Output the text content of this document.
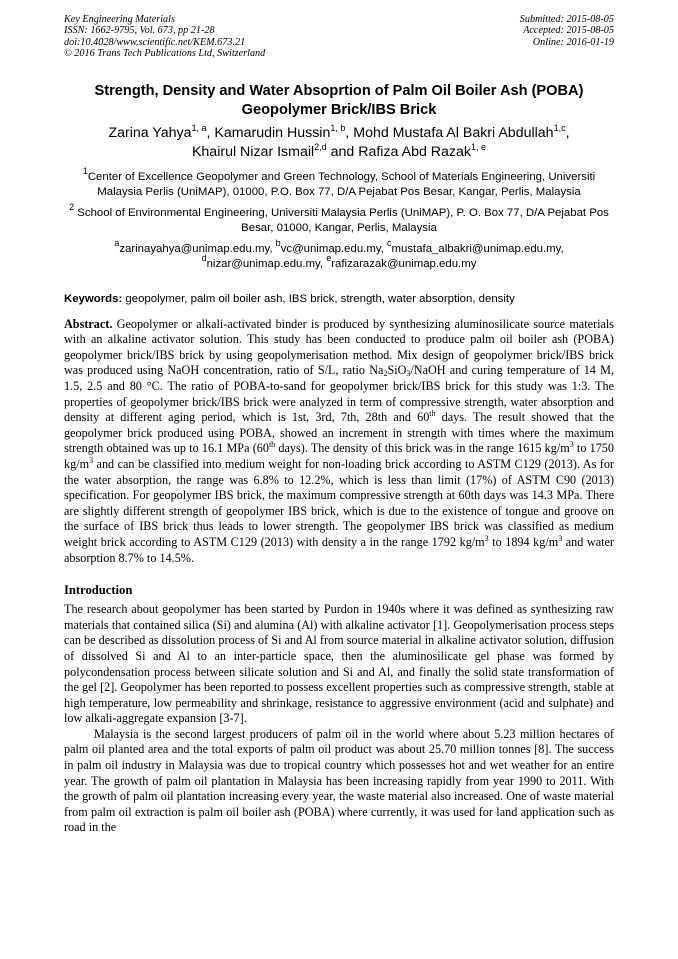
Key Engineering Materials
ISSN: 1662-9795, Vol. 673, pp 21-28
doi:10.4028/www.scientific.net/KEM.673.21
© 2016 Trans Tech Publications Ltd, Switzerland
Submitted: 2015-08-05
Accepted: 2015-08-05
Online: 2016-01-19
Strength, Density and Water Absoprtion of Palm Oil Boiler Ash (POBA) Geopolymer Brick/IBS Brick
Zarina Yahya$^{1, a}$, Kamarudin Hussin$^{1, b}$, Mohd Mustafa Al Bakri Abdullah$^{1,c}$,
Khairul Nizar Ismail$^{2,d}$ and Rafiza Abd Razak$^{1, e}$
$^1$Center of Excellence Geopolymer and Green Technology, School of Materials Engineering, Universiti Malaysia Perlis (UniMAP), 01000, P.O. Box 77, D/A Pejabat Pos Besar, Kangar, Perlis, Malaysia
$^2$ School of Environmental Engineering, Universiti Malaysia Perlis (UniMAP), P. O. Box 77, D/A Pejabat Pos Besar, 01000, Kangar, Perlis, Malaysia
$^a$zarinayahya@unimap.edu.my, $^b$vc@unimap.edu.my, $^c$mustafa_albakri@unimap.edu.my,
$^d$nizar@unimap.edu.my, $^e$rafizarazak@unimap.edu.my
Keywords: geopolymer, palm oil boiler ash, IBS brick, strength, water absorption, density
Abstract. Geopolymer or alkali-activated binder is produced by synthesizing aluminosilicate source materials with an alkaline activator solution. This study has been conducted to produce palm oil boiler ash (POBA) geopolymer brick/IBS brick by using geopolymerisation method. Mix design of geopolymer brick/IBS brick was produced using NaOH concentration, ratio of S/L, ratio $Na_2SiO_3$/NaOH and curing temperature of 14 M, 1.5, 2.5 and 80 °C. The ratio of POBA-to-sand for geopolymer brick/IBS brick for this study was 1:3. The properties of geopolymer brick/IBS brick were analyzed in term of compressive strength, water absorption and density at different aging period, which is 1st, 3rd, 7th, 28th and 60th days. The result showed that the geopolymer brick produced using POBA, showed an increment in strength with times where the maximum strength obtained was up to 16.1 MPa (60th days). The density of this brick was in the range 1615 $kg/m^3$ to 1750 $kg/m^3$ and can be classified into medium weight for non-loading brick according to ASTM C129 (2013). As for the water absorption, the range was 6.8% to 12.2%, which is less than limit (17%) of ASTM C90 (2013) specification. For geopolymer IBS brick, the maximum compressive strength at 60th days was 14.3 MPa. There are slightly different strength of geopolymer IBS brick, which is due to the existence of tongue and groove on the surface of IBS brick thus leads to lower strength. The geopolymer IBS brick was classified as medium weight brick according to ASTM C129 (2013) with density a in the range 1792 $kg/m^3$ to 1894 $kg/m^3$ and water absorption 8.7% to 14.5%.
Introduction
The research about geopolymer has been started by Purdon in 1940s where it was defined as synthesizing raw materials that contained silica (Si) and alumina (Al) with alkaline activator [1]. Geopolymerisation process steps can be described as dissolution process of Si and Al from source material in alkaline activator solution, diffusion of dissolved Si and Al to an inter-particle space, then the aluminosilicate gel phase was formed by polycondensation process between silicate solution and Si and Al, and finally the solid state transformation of the gel [2]. Geopolymer has been reported to possess excellent properties such as compressive strength, stable at high temperature, low permeability and shrinkage, resistance to aggressive environment (acid and sulphate) and low alkali-aggregate expansion [3-7].
Malaysia is the second largest producers of palm oil in the world where about 5.23 million hectares of palm oil planted area and the total exports of palm oil product was about 25.70 million tonnes [8]. The success in palm oil industry in Malaysia was due to tropical country which possesses hot and wet weather for an entire year. The growth of palm oil plantation in Malaysia has been increasing rapidly from year 1990 to 2011. With the growth of palm oil plantation increasing every year, the waste material also increased. One of waste material from palm oil extraction is palm oil boiler ash (POBA) where currently, it was used for land application such as road in the
